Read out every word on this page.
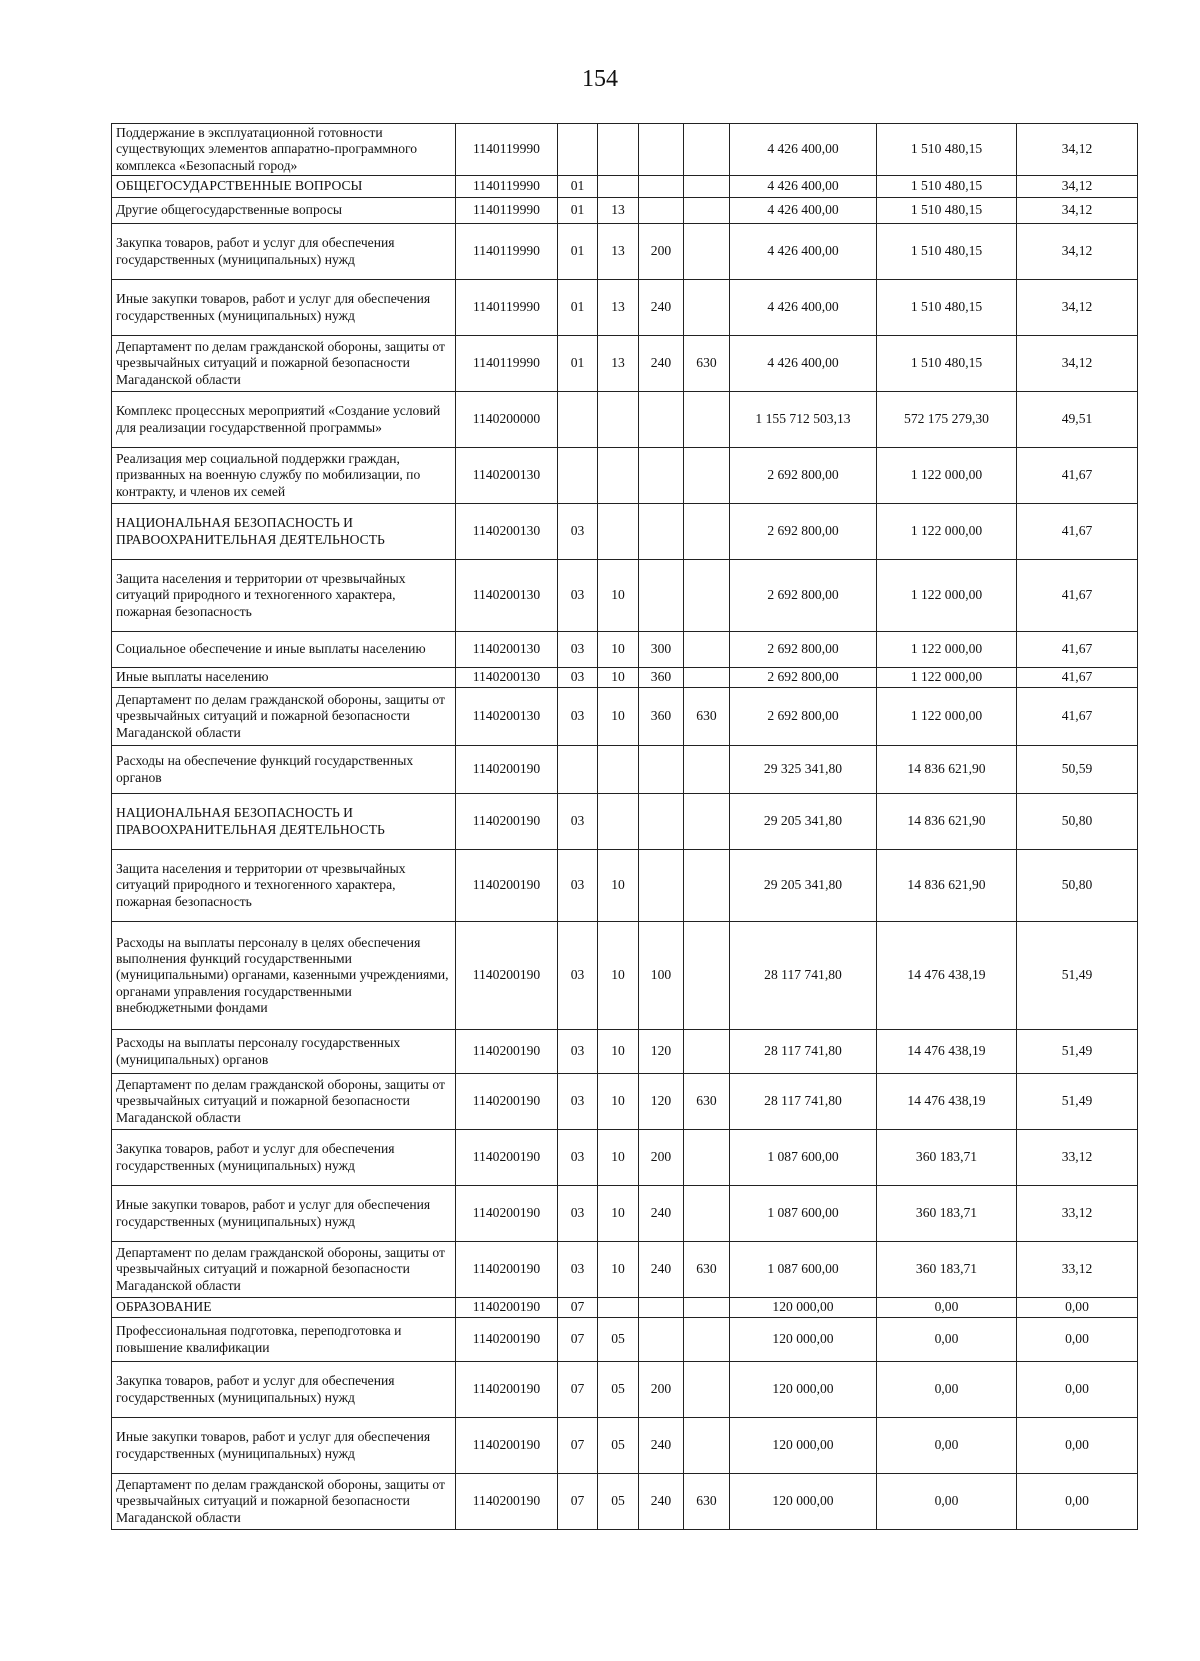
154
Поддержание в эксплуатационной готовности существующих элементов аппаратно-программного комплекса «Безопасный город»	1140119990					4 426 400,00	1 510 480,15	34,12
ОБЩЕГОСУДАРСТВЕННЫЕ ВОПРОСЫ	1140119990	01				4 426 400,00	1 510 480,15	34,12
Другие общегосударственные вопросы	1140119990	01	13			4 426 400,00	1 510 480,15	34,12
Закупка товаров, работ и услуг для обеспечения государственных (муниципальных) нужд	1140119990	01	13	200		4 426 400,00	1 510 480,15	34,12
Иные закупки товаров, работ и услуг для обеспечения государственных (муниципальных) нужд	1140119990	01	13	240		4 426 400,00	1 510 480,15	34,12
Департамент по делам гражданской обороны, защиты от чрезвычайных ситуаций и пожарной безопасности Магаданской области	1140119990	01	13	240	630	4 426 400,00	1 510 480,15	34,12
Комплекс процессных мероприятий «Создание условий для реализации государственной программы»	1140200000					1 155 712 503,13	572 175 279,30	49,51
Реализация мер социальной поддержки граждан, призванных на военную службу по мобилизации, по контракту, и членов их семей	1140200130					2 692 800,00	1 122 000,00	41,67
НАЦИОНАЛЬНАЯ БЕЗОПАСНОСТЬ И ПРАВООХРАНИТЕЛЬНАЯ ДЕЯТЕЛЬНОСТЬ	1140200130	03				2 692 800,00	1 122 000,00	41,67
Защита населения и территории от чрезвычайных ситуаций природного и техногенного характера, пожарная безопасность	1140200130	03	10			2 692 800,00	1 122 000,00	41,67
Социальное обеспечение и иные выплаты населению	1140200130	03	10	300		2 692 800,00	1 122 000,00	41,67
Иные выплаты населению	1140200130	03	10	360		2 692 800,00	1 122 000,00	41,67
Департамент по делам гражданской обороны, защиты от чрезвычайных ситуаций и пожарной безопасности Магаданской области	1140200130	03	10	360	630	2 692 800,00	1 122 000,00	41,67
Расходы на обеспечение функций государственных органов	1140200190					29 325 341,80	14 836 621,90	50,59
НАЦИОНАЛЬНАЯ БЕЗОПАСНОСТЬ И ПРАВООХРАНИТЕЛЬНАЯ ДЕЯТЕЛЬНОСТЬ	1140200190	03				29 205 341,80	14 836 621,90	50,80
Защита населения и территории от чрезвычайных ситуаций природного и техногенного характера, пожарная безопасность	1140200190	03	10			29 205 341,80	14 836 621,90	50,80
Расходы на выплаты персоналу в целях обеспечения выполнения функций государственными (муниципальными) органами, казенными учреждениями, органами управления государственными внебюджетными фондами	1140200190	03	10	100		28 117 741,80	14 476 438,19	51,49
Расходы на выплаты персоналу государственных (муниципальных) органов	1140200190	03	10	120		28 117 741,80	14 476 438,19	51,49
Департамент по делам гражданской обороны, защиты от чрезвычайных ситуаций и пожарной безопасности Магаданской области	1140200190	03	10	120	630	28 117 741,80	14 476 438,19	51,49
Закупка товаров, работ и услуг для обеспечения государственных (муниципальных) нужд	1140200190	03	10	200		1 087 600,00	360 183,71	33,12
Иные закупки товаров, работ и услуг для обеспечения государственных (муниципальных) нужд	1140200190	03	10	240		1 087 600,00	360 183,71	33,12
Департамент по делам гражданской обороны, защиты от чрезвычайных ситуаций и пожарной безопасности Магаданской области	1140200190	03	10	240	630	1 087 600,00	360 183,71	33,12
ОБРАЗОВАНИЕ	1140200190	07				120 000,00	0,00	0,00
Профессиональная подготовка, переподготовка и повышение квалификации	1140200190	07	05			120 000,00	0,00	0,00
Закупка товаров, работ и услуг для обеспечения государственных (муниципальных) нужд	1140200190	07	05	200		120 000,00	0,00	0,00
Иные закупки товаров, работ и услуг для обеспечения государственных (муниципальных) нужд	1140200190	07	05	240		120 000,00	0,00	0,00
Департамент по делам гражданской обороны, защиты от чрезвычайных ситуаций и пожарной безопасности Магаданской области	1140200190	07	05	240	630	120 000,00	0,00	0,00
